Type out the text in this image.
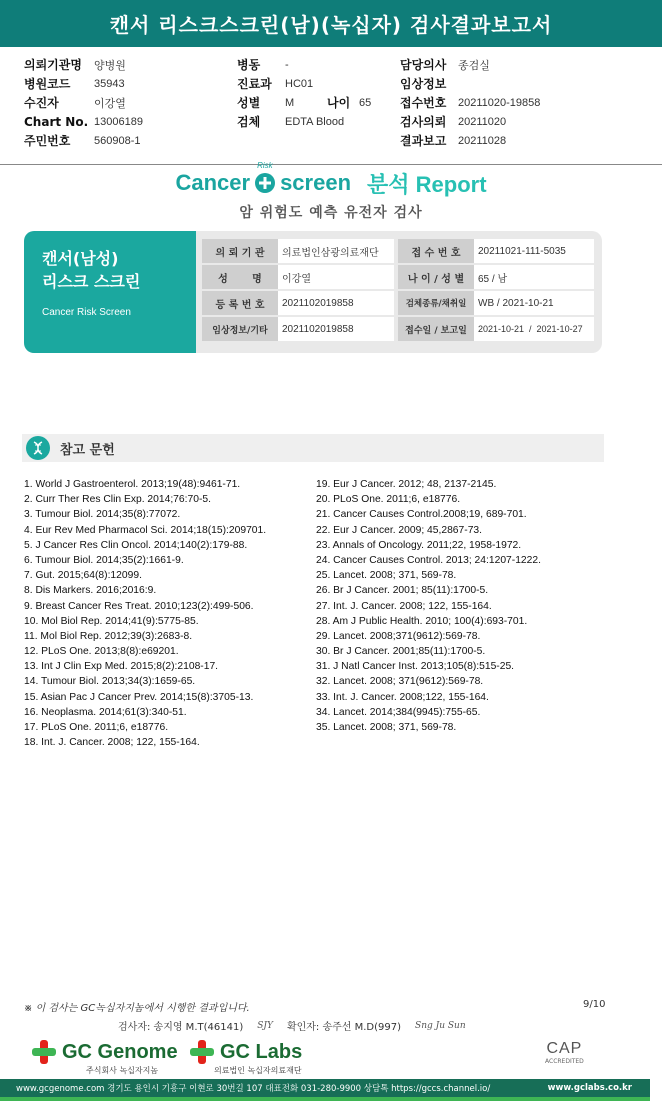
캔서 리스크스크린(남)(녹십자) 검사결과보고서
의뢰기관명	양병원
병원코드	35943
수진자	이강열
Chart No. 13006189
주민번호	560908-1
병동	-
진료과	HC01
성별	M	나이 65
검체	EDTA Blood
담당의사	종검실
임상정보
접수번호	20211020-19858
검사의뢰	20211020
결과보고	20211028
Cancer
Risk
screen 분석 Report
암 위험도 예측 유전자 검사
캔서(남성)
리스크 스크린
Cancer Risk Screen
의 뢰 기 관	의료법인삼광의료재단	접 수 번 호	20211021-111-5035
성       명	이강열	나 이 / 성 별	65 / 남
등 록 번 호	2021102019858	검체종류/채취일	WB / 2021-10-21
임상정보/기타	2021102019858	접수일 / 보고일	2021-10-21  /  2021-10-27
참고 문헌
1. World J Gastroenterol. 2013;19(48):9461-71.
2. Curr Ther Res Clin Exp. 2014;76:70-5.
3. Tumour Biol. 2014;35(8):77072.
4. Eur Rev Med Pharmacol Sci. 2014;18(15):209701.
5. J Cancer Res Clin Oncol. 2014;140(2):179-88.
6. Tumour Biol. 2014;35(2):1661-9.
7. Gut. 2015;64(8):12099.
8. Dis Markers. 2016;2016:9.
9. Breast Cancer Res Treat. 2010;123(2):499-506.
10. Mol Biol Rep. 2014;41(9):5775-85.
11. Mol Biol Rep. 2012;39(3):2683-8.
12. PLoS One. 2013;8(8):e69201.
13. Int J Clin Exp Med. 2015;8(2):2108-17.
14. Tumour Biol. 2013;34(3):1659-65.
15. Asian Pac J Cancer Prev. 2014;15(8):3705-13.
16. Neoplasma. 2014;61(3):340-51.
17. PLoS One. 2011;6, e18776.
18. Int. J. Cancer. 2008; 122, 155-164.
19. Eur J Cancer. 2012; 48, 2137-2145.
20. PLoS One. 2011;6, e18776.
21. Cancer Causes Control.2008;19, 689-701.
22. Eur J Cancer. 2009; 45,2867-73.
23. Annals of Oncology. 2011;22, 1958-1972.
24. Cancer Causes Control. 2013; 24:1207-1222.
25. Lancet. 2008; 371, 569-78.
26. Br J Cancer. 2001; 85(11):1700-5.
27. Int. J. Cancer. 2008; 122, 155-164.
28. Am J Public Health. 2010; 100(4):693-701.
29. Lancet. 2008;371(9612):569-78.
30. Br J Cancer. 2001;85(11):1700-5.
31. J Natl Cancer Inst. 2013;105(8):515-25.
32. Lancet. 2008; 371(9612):569-78.
33. Int. J. Cancer. 2008;122, 155-164.
34. Lancet. 2014;384(9945):755-65.
35. Lancet. 2008; 371, 569-78.
※ 이 검사는 GC녹십자지놈에서 시행한 결과입니다.	9/10
검사자: 송지영 M.T(46141) SJY 확인자: 송주선 M.D(997) Sng Ju Sun
GC Genome
주식회사 녹십자지놈
GC Labs
의료법인 녹십자의료재단
CAP
ACCREDITED
www.gcgenome.com 경기도 용인시 기흥구 이현로 30번길 107 대표전화 031-280-9900 상담톡 https://gccs.channel.io/	www.gclabs.co.kr
